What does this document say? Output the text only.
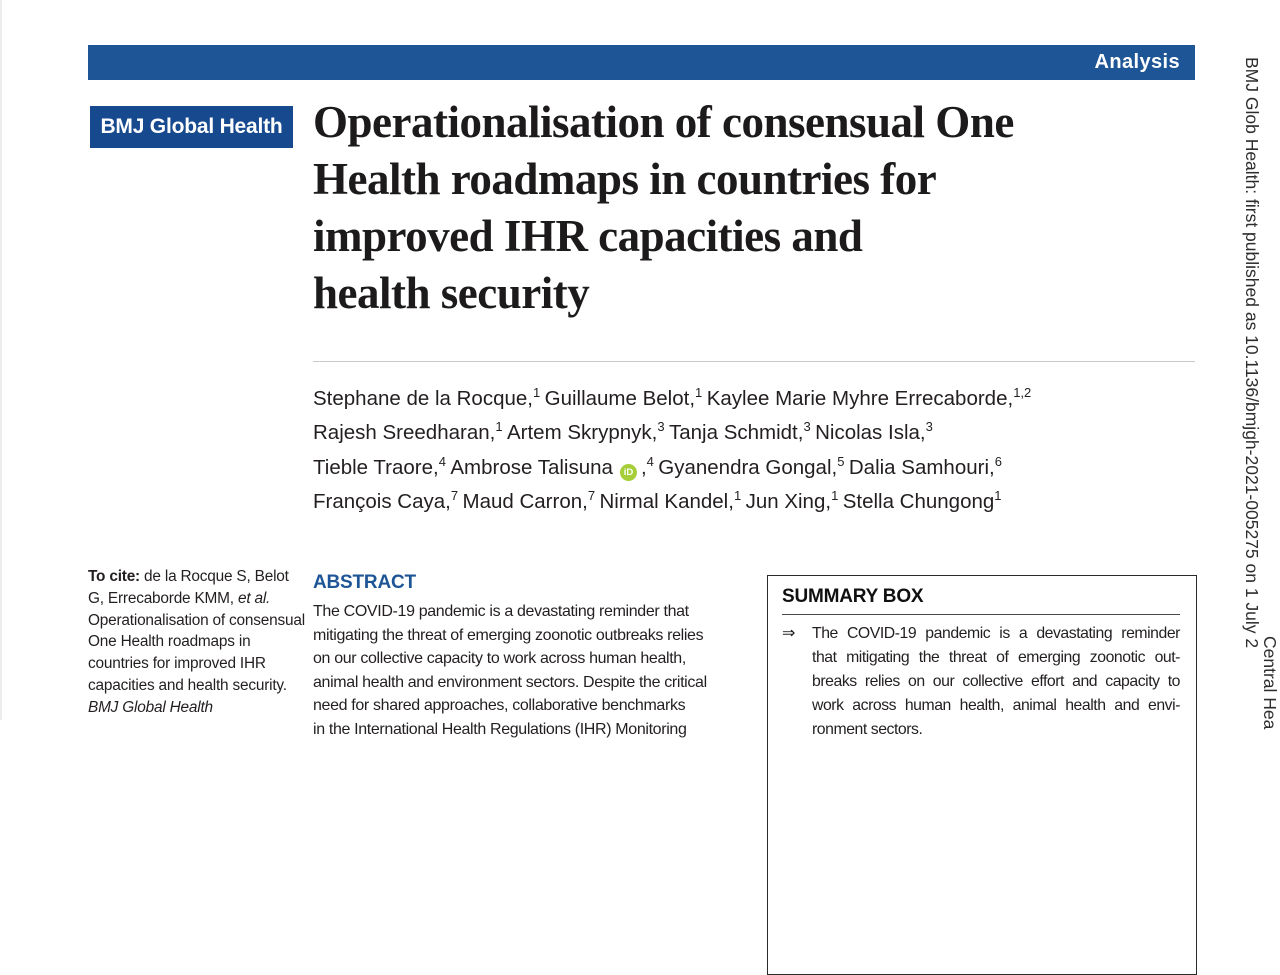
Analysis
BMJ Global Health Operationalisation of consensual One
Health roadmaps in countries for
improved IHR capacities and
health security
Stephane de la Rocque,$^1$ Guillaume Belot,$^1$ Kaylee Marie Myhre Errecaborde,$^{1,2}$
Rajesh Sreedharan,$^1$ Artem Skrypnyk,$^3$ Tanja Schmidt,$^3$ Nicolas Isla,$^3$
Tieble Traore,$^4$ Ambrose Talisuna iD ,$^4$ Gyanendra Gongal,$^5$ Dalia Samhouri,$^6$
François Caya,$^7$ Maud Carron,$^7$ Nirmal Kandel,$^1$ Jun Xing,$^1$ Stella Chungong$^1$
To cite: de la Rocque S, Belot G, Errecaborde KMM, et al. Operationalisation of consensual One Health roadmaps in countries for improved IHR capacities and health security. BMJ Global Health
ABSTRACT
The COVID-19 pandemic is a devastating reminder that
mitigating the threat of emerging zoonotic outbreaks relies
on our collective capacity to work across human health,
animal health and environment sectors. Despite the critical
need for shared approaches, collaborative benchmarks
in the International Health Regulations (IHR) Monitoring
SUMMARY BOX
⇒ The COVID-19 pandemic is a devastating reminder
that mitigating the threat of emerging zoonotic out-
breaks relies on our collective effort and capacity to
work across human health, animal health and envi-
ronment sectors.
BMJ Glob Health: first published as 10.1136/bmjgh-2021-005275 on 1 July 2
Central Hea
